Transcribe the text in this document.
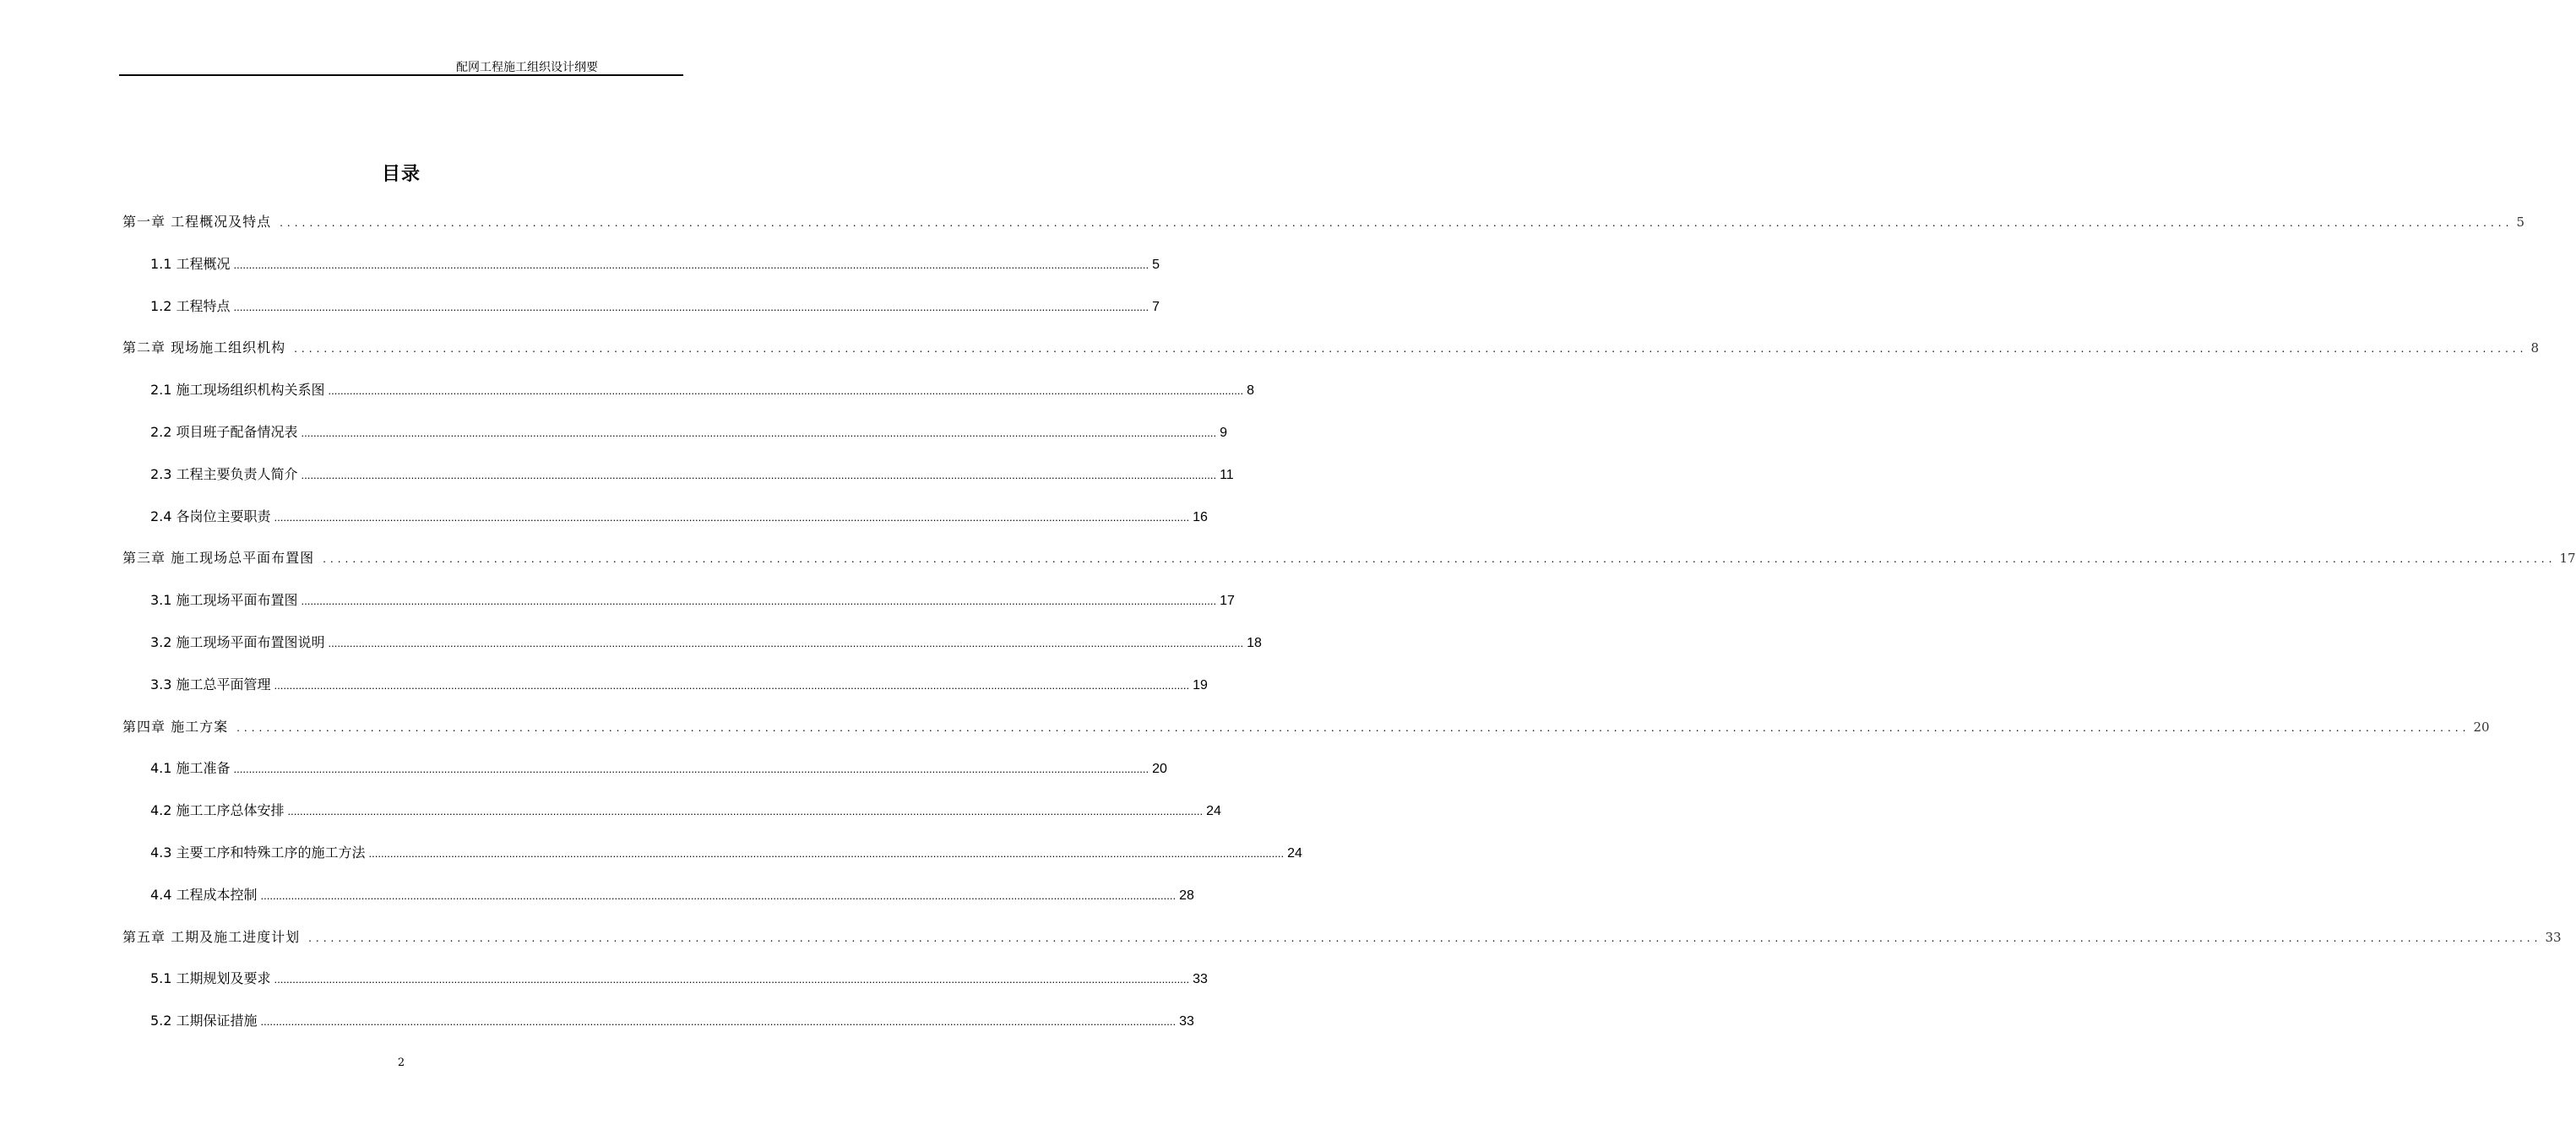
配网工程施工组织设计纲要
目录
第一章 工程概况及特点 ............................................................................................................................................................................................................................................................................................................ 5
1.1 工程概况 ............................................................................................................................................................................................................................................................................................................ 5
1.2 工程特点 ............................................................................................................................................................................................................................................................................................................ 7
第二章 现场施工组织机构 ............................................................................................................................................................................................................................................................................................................ 8
2.1 施工现场组织机构关系图 ............................................................................................................................................................................................................................................................................................................ 8
2.2 项目班子配备情况表 ............................................................................................................................................................................................................................................................................................................ 9
2.3 工程主要负责人简介 ............................................................................................................................................................................................................................................................................................................ 11
2.4 各岗位主要职责 ............................................................................................................................................................................................................................................................................................................ 16
第三章 施工现场总平面布置图 ............................................................................................................................................................................................................................................................................................................ 17
3.1 施工现场平面布置图 ............................................................................................................................................................................................................................................................................................................ 17
3.2 施工现场平面布置图说明 ............................................................................................................................................................................................................................................................................................................ 18
3.3 施工总平面管理 ............................................................................................................................................................................................................................................................................................................ 19
第四章 施工方案 ............................................................................................................................................................................................................................................................................................................ 20
4.1 施工准备 ............................................................................................................................................................................................................................................................................................................ 20
4.2 施工工序总体安排 ............................................................................................................................................................................................................................................................................................................ 24
4.3 主要工序和特殊工序的施工方法 ............................................................................................................................................................................................................................................................................................................ 24
4.4 工程成本控制 ............................................................................................................................................................................................................................................................................................................ 28
第五章 工期及施工进度计划 ............................................................................................................................................................................................................................................................................................................ 33
5.1 工期规划及要求 ............................................................................................................................................................................................................................................................................................................ 33
5.2 工期保证措施 ............................................................................................................................................................................................................................................................................................................ 33
2
